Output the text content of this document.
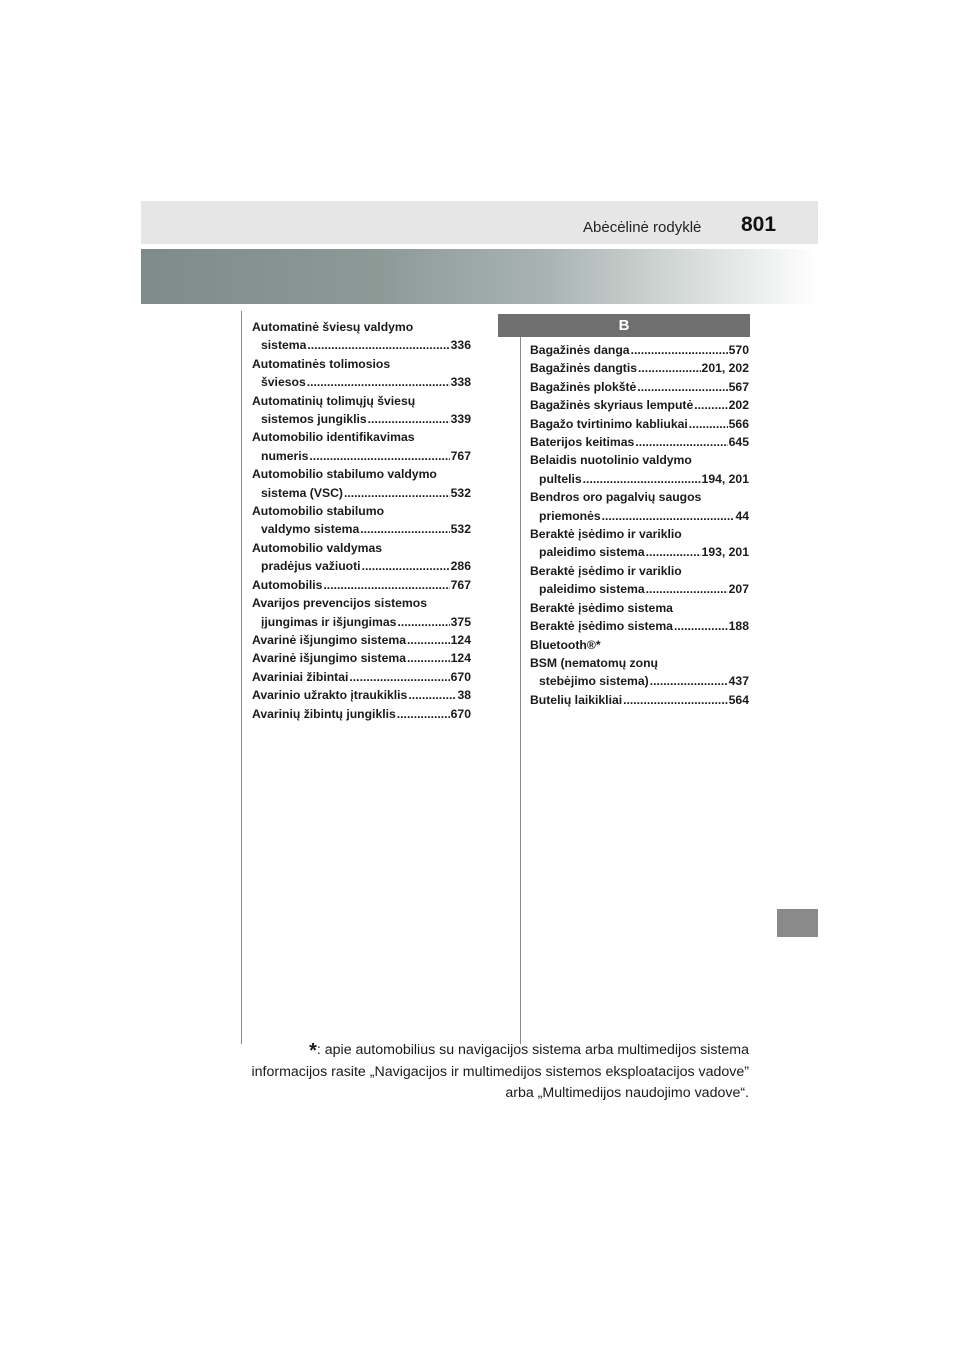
Abėcėlinė rodyklė 801
B
Automatinė šviesų valdymo
sistema .....	336
Automatinės tolimosios
šviesos .....	338
Automatinių tolimųjų šviesų
sistemos jungiklis .....	339
Automobilio identifikavimas
numeris .....	767
Automobilio stabilumo valdymo
sistema (VSC) .....	532
Automobilio stabilumo
valdymo sistema .....	532
Automobilio valdymas
pradėjus važiuoti .....	286
Automobilis .....	767
Avarijos prevencijos sistemos
įjungimas ir išjungimas .....	375
Avarinė išjungimo sistema .....	124
Avarinė išjungimo sistema .....	124
Avariniai žibintai .....	670
Avarinio užrakto įtraukiklis .....	38
Avarinių žibintų jungiklis .....	670
Bagažinės danga .....	570
Bagažinės dangtis .....	201, 202
Bagažinės plokštė .....	567
Bagažinės skyriaus lemputė .....	202
Bagažo tvirtinimo kabliukai .....	566
Baterijos keitimas .....	645
Belaidis nuotolinio valdymo
pultelis .....	194, 201
Bendros oro pagalvių saugos
priemonės .....	44
Beraktė įsėdimo ir variklio
paleidimo sistema .....	193, 201
Beraktė įsėdimo ir variklio
paleidimo sistema .....	207
Beraktė įsėdimo sistema
Beraktė įsėdimo sistema .....	188
Bluetooth®*
BSM (nematomų zonų
stebėjimo sistema) .....	437
Butelių laikikliai .....	564
*: apie automobilius su navigacijos sistema arba multimedijos sistema
informacijos rasite „Navigacijos ir multimedijos sistemos eksploatacijos vadove”
arba „Multimedijos naudojimo vadove“.
